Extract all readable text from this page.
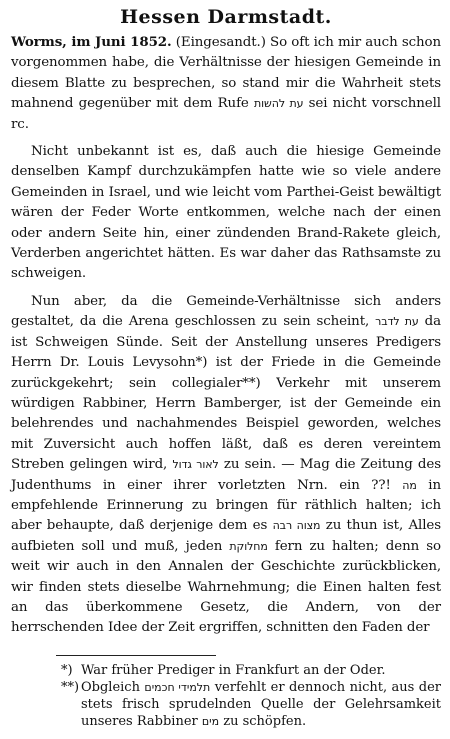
Hessen Darmstadt.

Worms, im Juni 1852. (Eingesandt.) So oft ich mir auch schon vorgenommen habe, die Verhältnisse der hiesigen Gemeinde in diesem Blatte zu besprechen, so stand mir die Wahrheit stets mahnend gegenüber mit dem Rufe עת להשות sei nicht vorschnell rc.

Nicht unbekannt ist es, daß auch die hiesige Gemeinde denselben Kampf durchzukämpfen hatte wie so viele andere Gemeinden in Israel, und wie leicht vom Parthei-Geist bewältigt wären der Feder Worte entkommen, welche nach der einen oder andern Seite hin, einer zündenden Brand-Rakete gleich, Verderben angerichtet hätten. Es war daher das Rathsamste zu schweigen.

Nun aber, da die Gemeinde-Verhältnisse sich anders gestaltet, da die Arena geschlossen zu sein scheint, עת לדבר da ist Schweigen Sünde. Seit der Anstellung unseres Predigers Herrn Dr. Louis Levysohn*) ist der Friede in die Gemeinde zurückgekehrt; sein collegialer**) Verkehr mit unserem würdigen Rabbiner, Herrn Bamberger, ist der Gemeinde ein belehrendes und nachahmendes Beispiel geworden, welches mit Zuversicht auch hoffen läßt, daß es deren vereintem Streben gelingen wird, לאור גדול zu sein. — Mag die Zeitung des Judenthums in einer ihrer vorletzten Nrn. ein ??! מה in empfehlende Erinnerung zu bringen für räthlich halten; ich aber behaupte, daß derjenige dem es מצוה רבה zu thun ist, Alles aufbieten soll und muß, jeden מחלוקת fern zu halten; denn so weit wir auch in den Annalen der Geschichte zurückblicken, wir finden stets dieselbe Wahrnehmung; die Einen halten fest an das überkommene Gesetz, die Andern, von der herrschenden Idee der Zeit ergriffen, schnitten den Faden der

*) War früher Prediger in Frankfurt an der Oder.

**) Obgleich תלמידי חכמים verfehlt er dennoch nicht, aus der stets frisch sprudelnden Quelle der Gelehrsamkeit unseres Rabbiner מים zu schöpfen.
